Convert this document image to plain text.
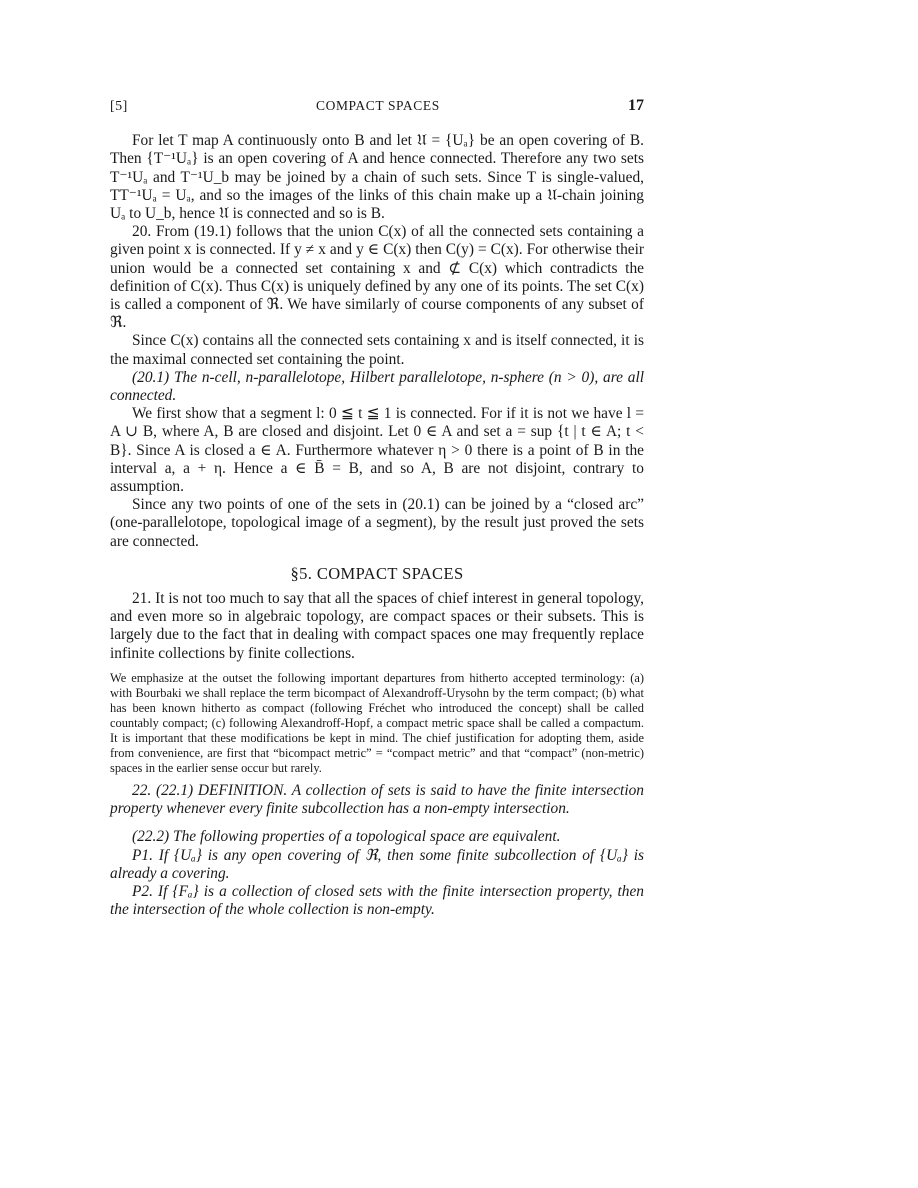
[5]	COMPACT SPACES	17

For let T map A continuously onto B and let 𝔘 = {Uₐ} be an open covering of B. Then {T⁻¹Uₐ} is an open covering of A and hence connected. Therefore any two sets T⁻¹Uₐ and T⁻¹U_b may be joined by a chain of such sets. Since T is single-valued, TT⁻¹Uₐ = Uₐ, and so the images of the links of this chain make up a 𝔘-chain joining Uₐ to U_b, hence 𝔘 is connected and so is B.

20. From (19.1) follows that the union C(x) of all the connected sets containing a given point x is connected. If y ≠ x and y ∈ C(x) then C(y) = C(x). For otherwise their union would be a connected set containing x and ⊄ C(x) which contradicts the definition of C(x). Thus C(x) is uniquely defined by any one of its points. The set C(x) is called a component of ℜ. We have similarly of course components of any subset of ℜ.

Since C(x) contains all the connected sets containing x and is itself connected, it is the maximal connected set containing the point.

(20.1) The n-cell, n-parallelotope, Hilbert parallelotope, n-sphere (n > 0), are all connected.

We first show that a segment l: 0 ≦ t ≦ 1 is connected. For if it is not we have l = A ∪ B, where A, B are closed and disjoint. Let 0 ∈ A and set a = sup {t | t ∈ A; t < B}. Since A is closed a ∈ A. Furthermore whatever η > 0 there is a point of B in the interval a, a + η. Hence a ∈ B̄ = B, and so A, B are not disjoint, contrary to assumption.

Since any two points of one of the sets in (20.1) can be joined by a “closed arc” (one-parallelotope, topological image of a segment), by the result just proved the sets are connected.

§5. COMPACT SPACES

21. It is not too much to say that all the spaces of chief interest in general topology, and even more so in algebraic topology, are compact spaces or their subsets. This is largely due to the fact that in dealing with compact spaces one may frequently replace infinite collections by finite collections.

We emphasize at the outset the following important departures from hitherto accepted terminology: (a) with Bourbaki we shall replace the term bicompact of Alexandroff-Urysohn by the term compact; (b) what has been known hitherto as compact (following Fréchet who introduced the concept) shall be called countably compact; (c) following Alexandroff-Hopf, a compact metric space shall be called a compactum. It is important that these modifications be kept in mind. The chief justification for adopting them, aside from convenience, are first that “bicompact metric” = “compact metric” and that “compact” (non-metric) spaces in the earlier sense occur but rarely.

22. (22.1) DEFINITION. A collection of sets is said to have the finite intersection property whenever every finite subcollection has a non-empty intersection.

(22.2) The following properties of a topological space are equivalent.

P1. If {Uₐ} is any open covering of ℜ, then some finite subcollection of {Uₐ} is already a covering.

P2. If {Fₐ} is a collection of closed sets with the finite intersection property, then the intersection of the whole collection is non-empty.
